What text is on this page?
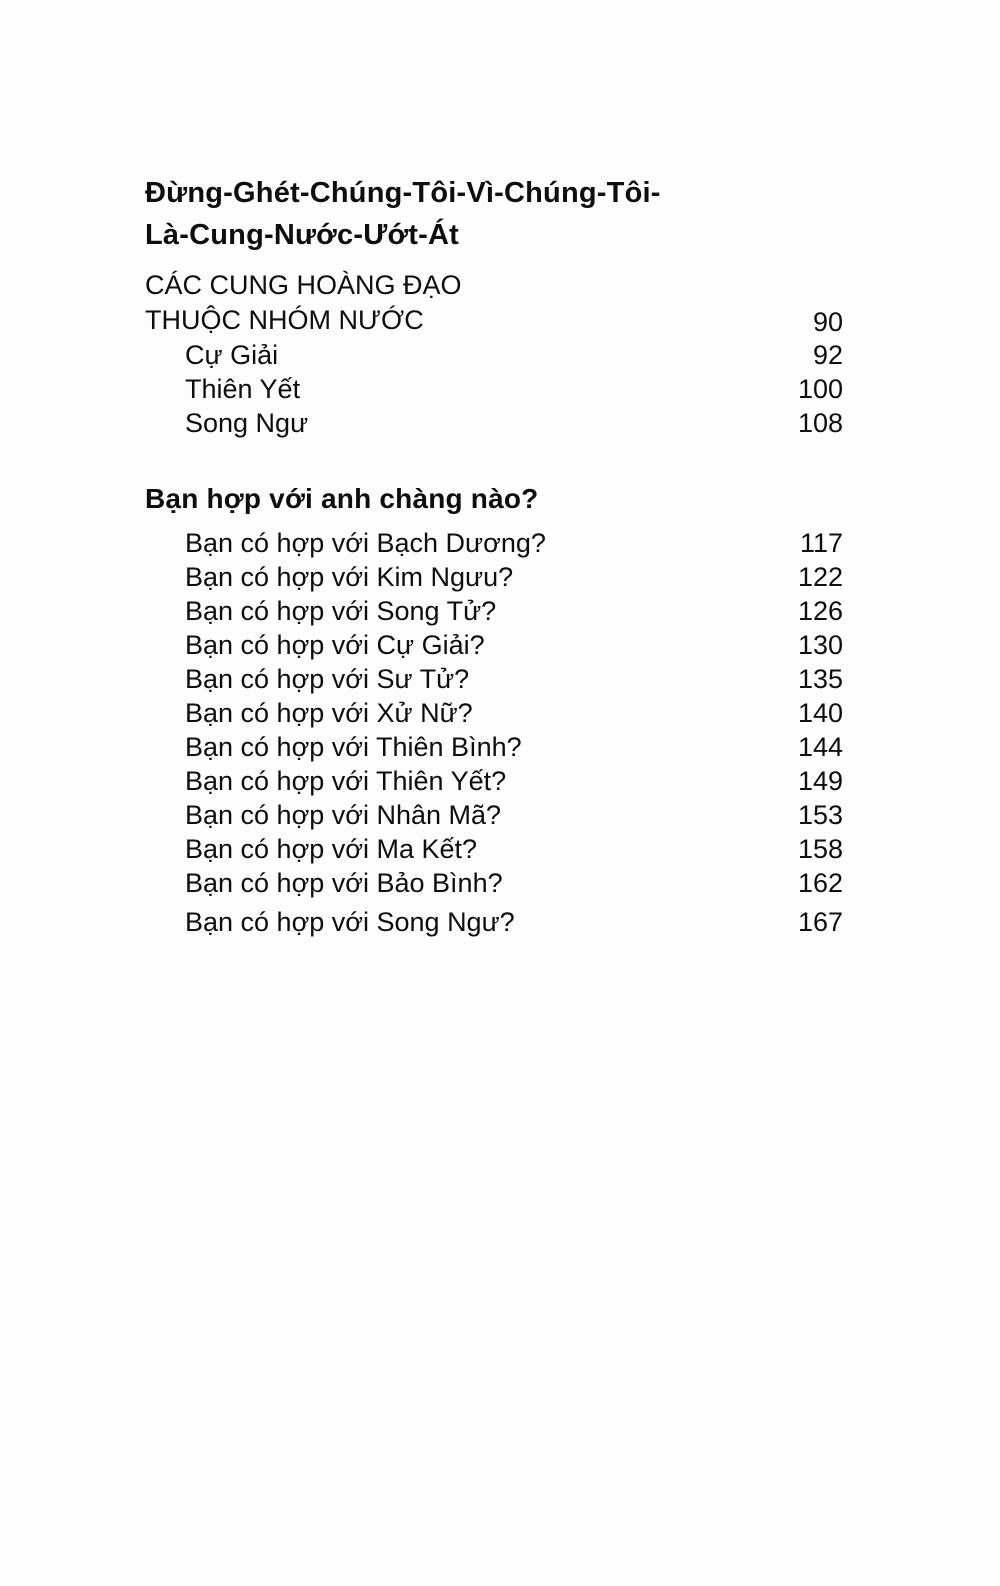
Đừng-Ghét-Chúng-Tôi-Vì-Chúng-Tôi-
Là-Cung-Nước-Ướt-Át
CÁC CUNG HOÀNG ĐẠO
THUỘC NHÓM NƯỚC	90
Cự Giải	92
Thiên Yết	100
Song Ngư	108
Bạn hợp với anh chàng nào?
Bạn có hợp với Bạch Dương?	117
Bạn có hợp với Kim Ngưu?	122
Bạn có hợp với Song Tử?	126
Bạn có hợp với Cự Giải?	130
Bạn có hợp với Sư Tử?	135
Bạn có hợp với Xử Nữ?	140
Bạn có hợp với Thiên Bình?	144
Bạn có hợp với Thiên Yết?	149
Bạn có hợp với Nhân Mã?	153
Bạn có hợp với Ma Kết?	158
Bạn có hợp với Bảo Bình?	162
Bạn có hợp với Song Ngư?	167
